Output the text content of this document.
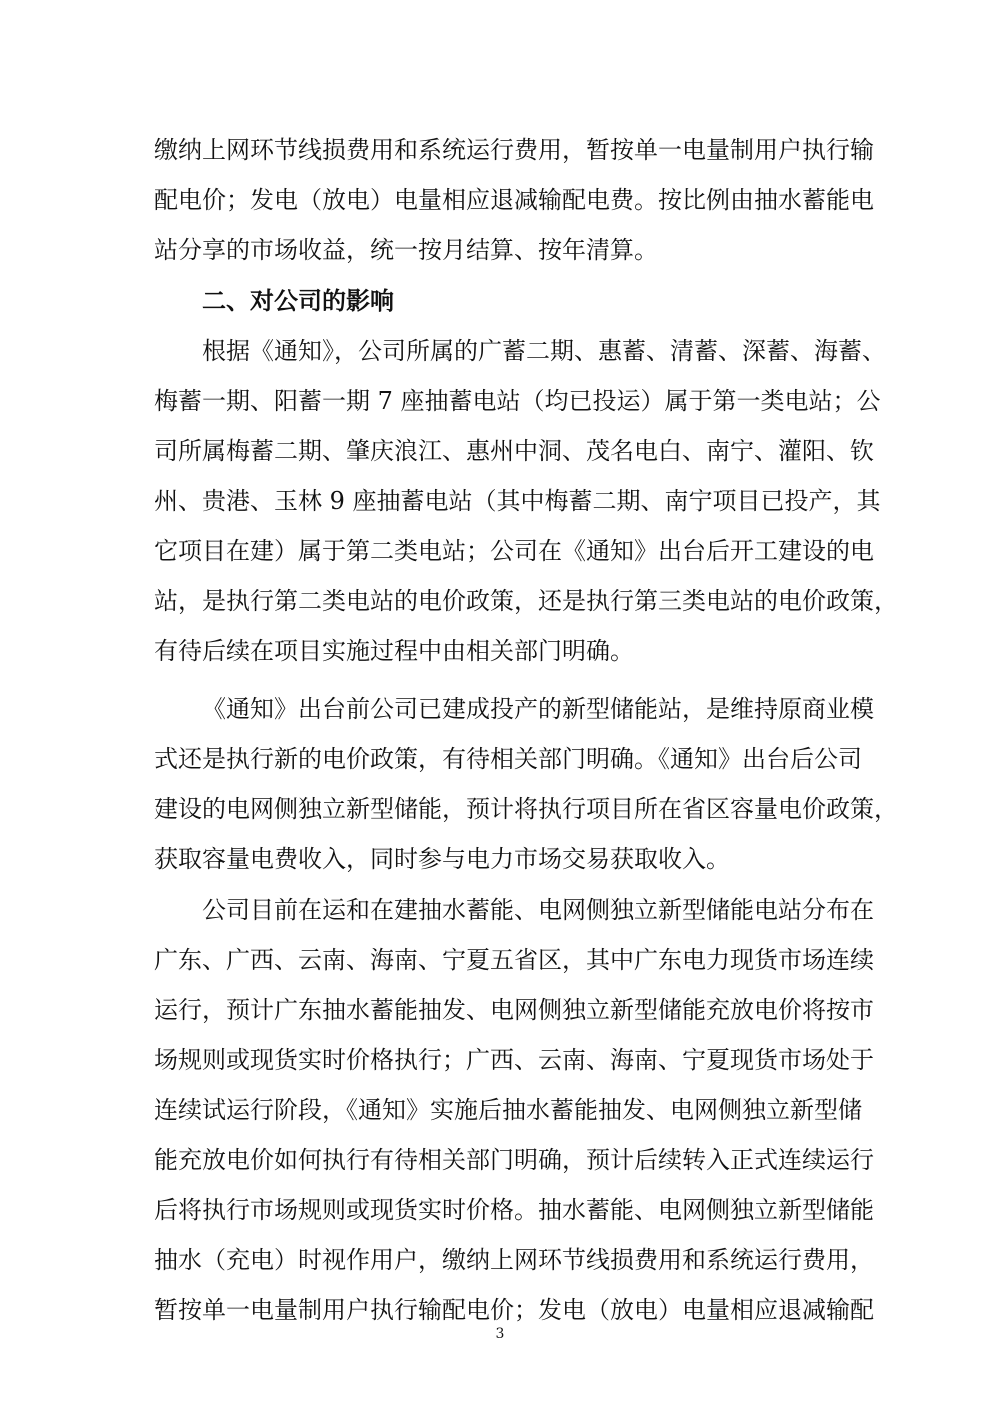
缴纳上网环节线损费用和系统运行费用，暂按单一电量制用户执行输
配电价；发电（放电）电量相应退减输配电费。按比例由抽水蓄能电
站分享的市场收益，统一按月结算、按年清算。
二、对公司的影响
根据《通知》，公司所属的广蓄二期、惠蓄、清蓄、深蓄、海蓄、
梅蓄一期、阳蓄一期 7 座抽蓄电站（均已投运）属于第一类电站；公
司所属梅蓄二期、肇庆浪江、惠州中洞、茂名电白、南宁、灌阳、钦
州、贵港、玉林 9 座抽蓄电站（其中梅蓄二期、南宁项目已投产，其
它项目在建）属于第二类电站；公司在《通知》出台后开工建设的电
站，是执行第二类电站的电价政策，还是执行第三类电站的电价政策，
有待后续在项目实施过程中由相关部门明确。
《通知》出台前公司已建成投产的新型储能站，是维持原商业模
式还是执行新的电价政策，有待相关部门明确。《通知》出台后公司
建设的电网侧独立新型储能，预计将执行项目所在省区容量电价政策，
获取容量电费收入，同时参与电力市场交易获取收入。
公司目前在运和在建抽水蓄能、电网侧独立新型储能电站分布在
广东、广西、云南、海南、宁夏五省区，其中广东电力现货市场连续
运行，预计广东抽水蓄能抽发、电网侧独立新型储能充放电价将按市
场规则或现货实时价格执行；广西、云南、海南、宁夏现货市场处于
连续试运行阶段，《通知》实施后抽水蓄能抽发、电网侧独立新型储
能充放电价如何执行有待相关部门明确，预计后续转入正式连续运行
后将执行市场规则或现货实时价格。抽水蓄能、电网侧独立新型储能
抽水（充电）时视作用户，缴纳上网环节线损费用和系统运行费用，
暂按单一电量制用户执行输配电价；发电（放电）电量相应退减输配
3
